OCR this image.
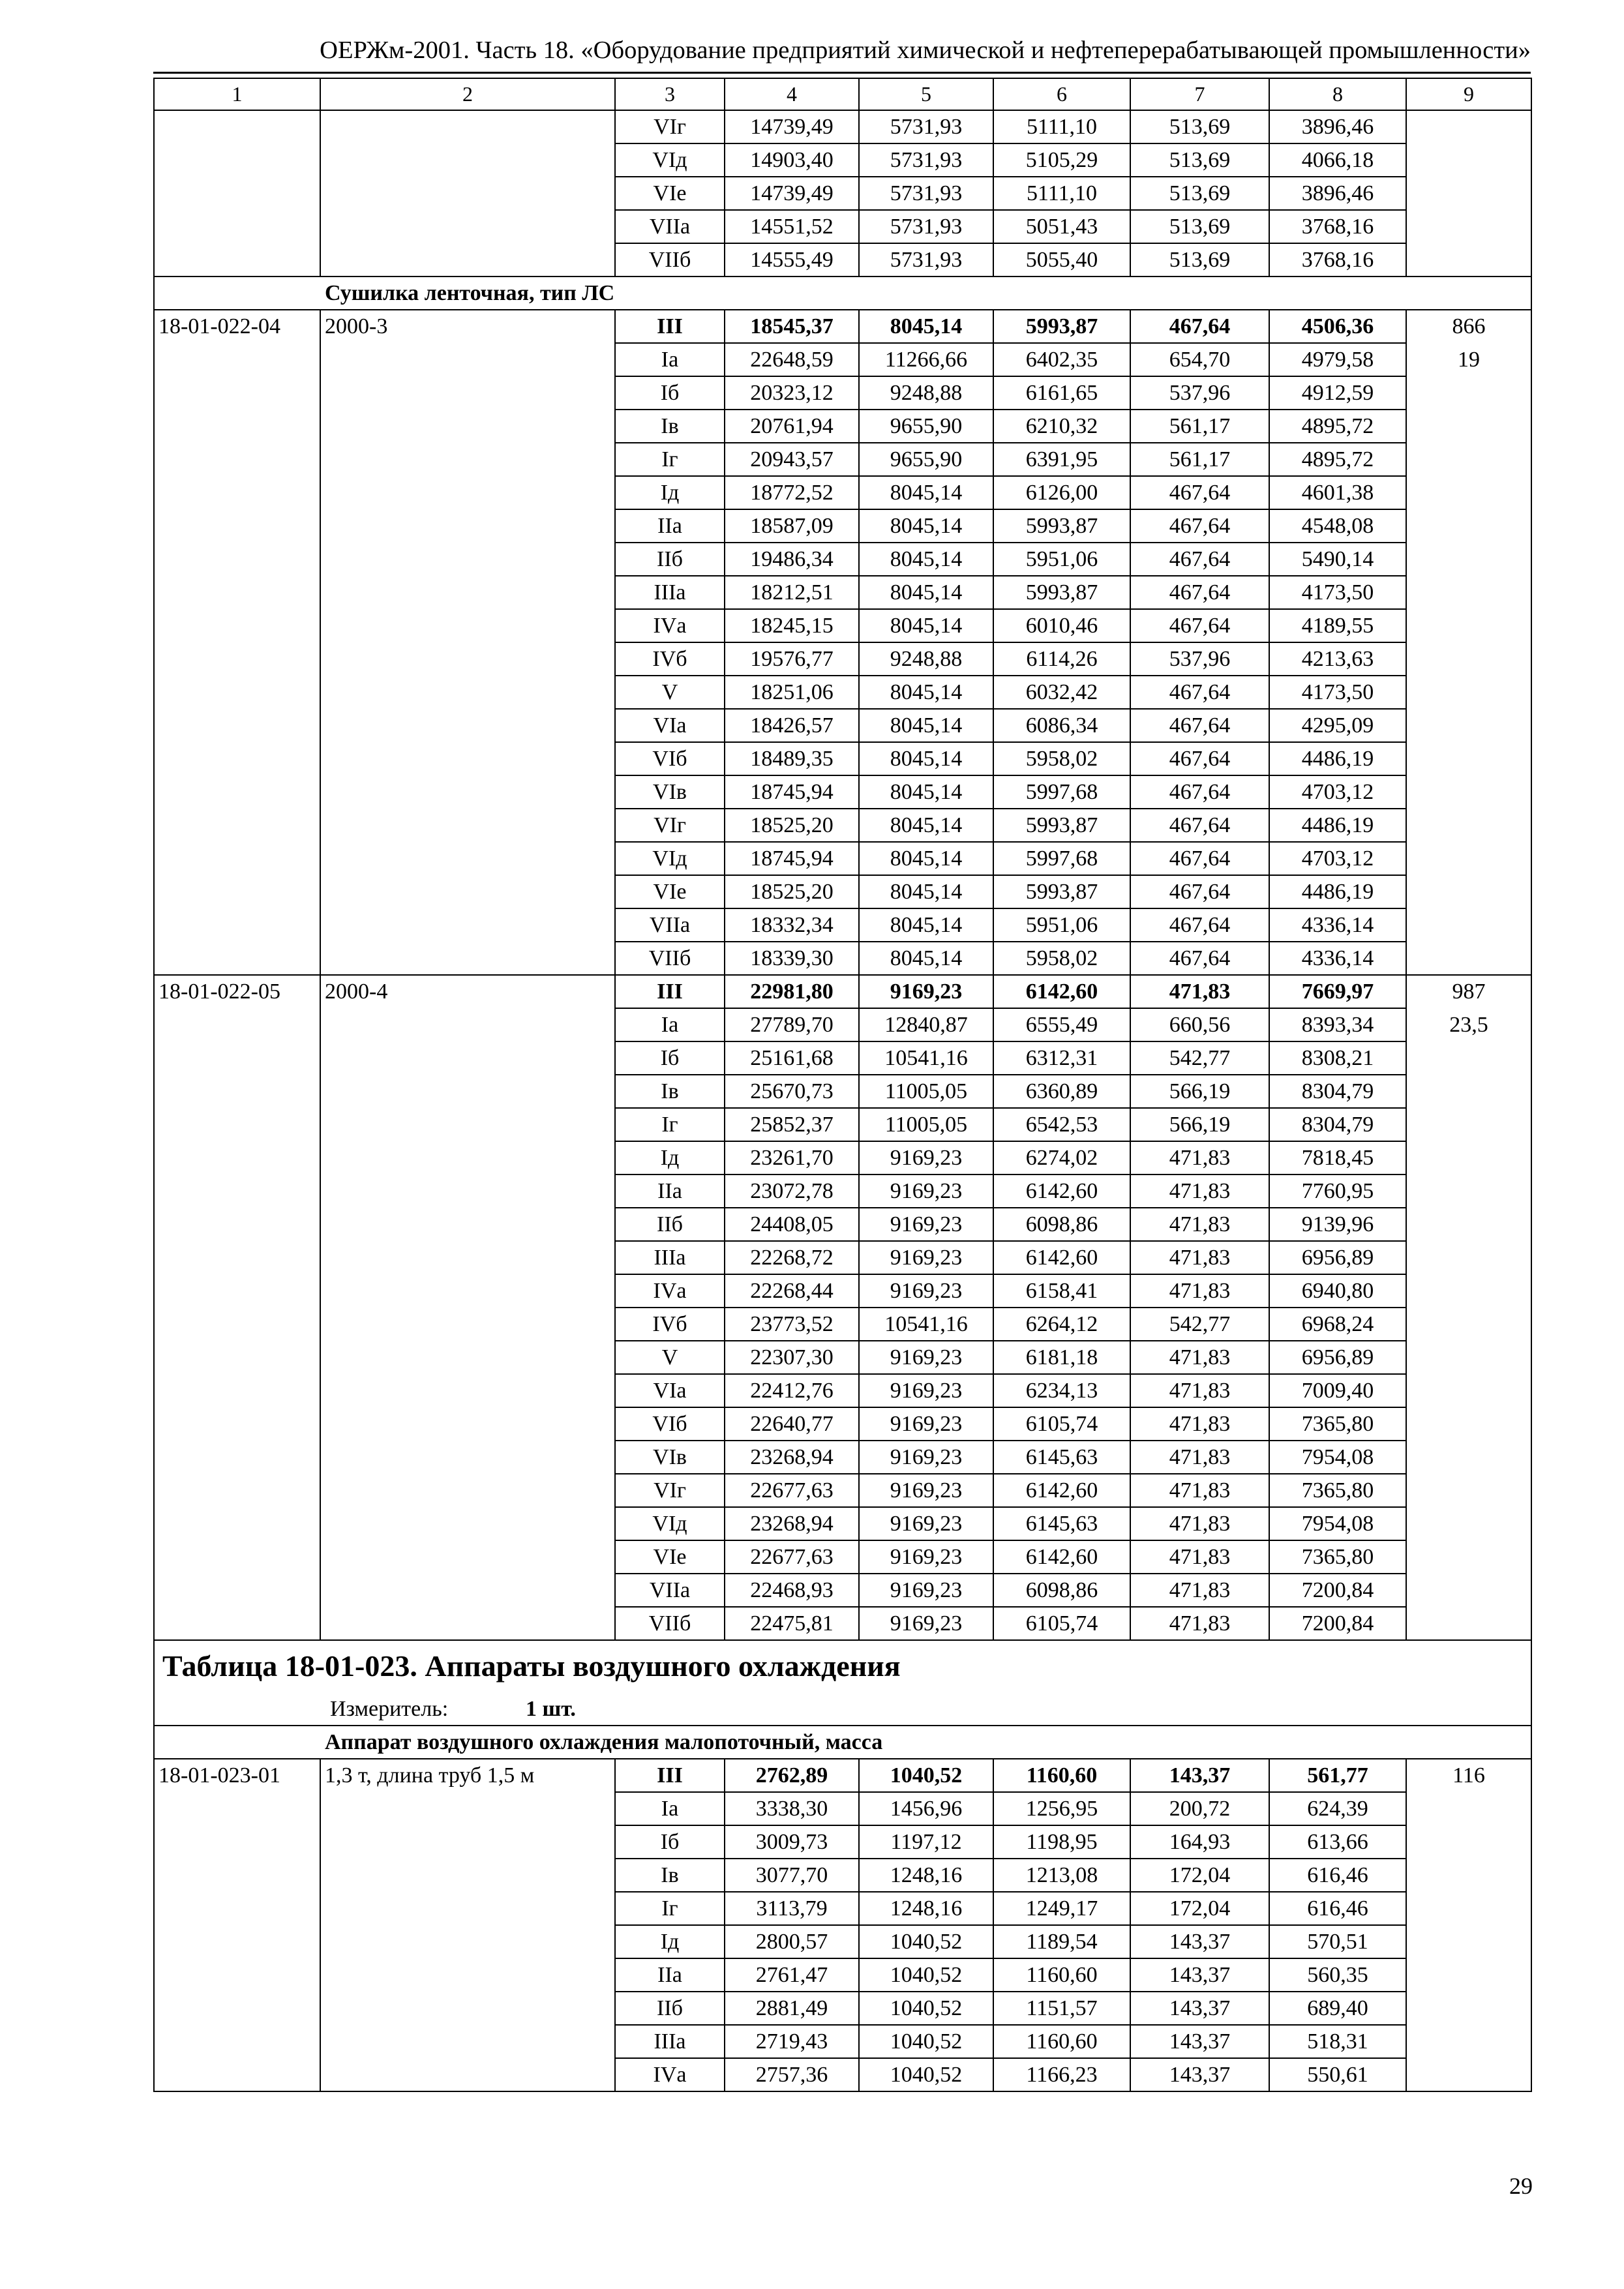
ОЕРЖм-2001. Часть 18. «Оборудование предприятий химической и нефтеперерабатывающей промышленности»
1	2	3	4	5	6	7	8	9
		VIг	14739,49	5731,93	5111,10	513,69	3896,46	
		VIд	14903,40	5731,93	5105,29	513,69	4066,18	
		VIе	14739,49	5731,93	5111,10	513,69	3896,46	
		VIIа	14551,52	5731,93	5051,43	513,69	3768,16	
		VIIб	14555,49	5731,93	5055,40	513,69	3768,16	
	Сушилка ленточная, тип ЛС							
18-01-022-04	2000-3	III	18545,37	8045,14	5993,87	467,64	4506,36	866
		Iа	22648,59	11266,66	6402,35	654,70	4979,58	19
		Iб	20323,12	9248,88	6161,65	537,96	4912,59	
		Iв	20761,94	9655,90	6210,32	561,17	4895,72	
		Iг	20943,57	9655,90	6391,95	561,17	4895,72	
		Iд	18772,52	8045,14	6126,00	467,64	4601,38	
		IIа	18587,09	8045,14	5993,87	467,64	4548,08	
		IIб	19486,34	8045,14	5951,06	467,64	5490,14	
		IIIа	18212,51	8045,14	5993,87	467,64	4173,50	
		IVа	18245,15	8045,14	6010,46	467,64	4189,55	
		IVб	19576,77	9248,88	6114,26	537,96	4213,63	
		V	18251,06	8045,14	6032,42	467,64	4173,50	
		VIа	18426,57	8045,14	6086,34	467,64	4295,09	
		VIб	18489,35	8045,14	5958,02	467,64	4486,19	
		VIв	18745,94	8045,14	5997,68	467,64	4703,12	
		VIг	18525,20	8045,14	5993,87	467,64	4486,19	
		VIд	18745,94	8045,14	5997,68	467,64	4703,12	
		VIе	18525,20	8045,14	5993,87	467,64	4486,19	
		VIIа	18332,34	8045,14	5951,06	467,64	4336,14	
		VIIб	18339,30	8045,14	5958,02	467,64	4336,14	
18-01-022-05	2000-4	III	22981,80	9169,23	6142,60	471,83	7669,97	987
		Iа	27789,70	12840,87	6555,49	660,56	8393,34	23,5
		Iб	25161,68	10541,16	6312,31	542,77	8308,21	
		Iв	25670,73	11005,05	6360,89	566,19	8304,79	
		Iг	25852,37	11005,05	6542,53	566,19	8304,79	
		Iд	23261,70	9169,23	6274,02	471,83	7818,45	
		IIа	23072,78	9169,23	6142,60	471,83	7760,95	
		IIб	24408,05	9169,23	6098,86	471,83	9139,96	
		IIIа	22268,72	9169,23	6142,60	471,83	6956,89	
		IVа	22268,44	9169,23	6158,41	471,83	6940,80	
		IVб	23773,52	10541,16	6264,12	542,77	6968,24	
		V	22307,30	9169,23	6181,18	471,83	6956,89	
		VIа	22412,76	9169,23	6234,13	471,83	7009,40	
		VIб	22640,77	9169,23	6105,74	471,83	7365,80	
		VIв	23268,94	9169,23	6145,63	471,83	7954,08	
		VIг	22677,63	9169,23	6142,60	471,83	7365,80	
		VIд	23268,94	9169,23	6145,63	471,83	7954,08	
		VIе	22677,63	9169,23	6142,60	471,83	7365,80	
		VIIа	22468,93	9169,23	6098,86	471,83	7200,84	
		VIIб	22475,81	9169,23	6105,74	471,83	7200,84	
Таблица 18-01-023. Аппараты воздушного охлаждения								
Измеритель: 1 шт.								
	Аппарат воздушного охлаждения малопоточный, масса							
18-01-023-01	1,3 т, длина труб 1,5 м	III	2762,89	1040,52	1160,60	143,37	561,77	116
		Iа	3338,30	1456,96	1256,95	200,72	624,39	
		Iб	3009,73	1197,12	1198,95	164,93	613,66	
		Iв	3077,70	1248,16	1213,08	172,04	616,46	
		Iг	3113,79	1248,16	1249,17	172,04	616,46	
		Iд	2800,57	1040,52	1189,54	143,37	570,51	
		IIа	2761,47	1040,52	1160,60	143,37	560,35	
		IIб	2881,49	1040,52	1151,57	143,37	689,40	
		IIIа	2719,43	1040,52	1160,60	143,37	518,31	
		IVа	2757,36	1040,52	1166,23	143,37	550,61	
29
